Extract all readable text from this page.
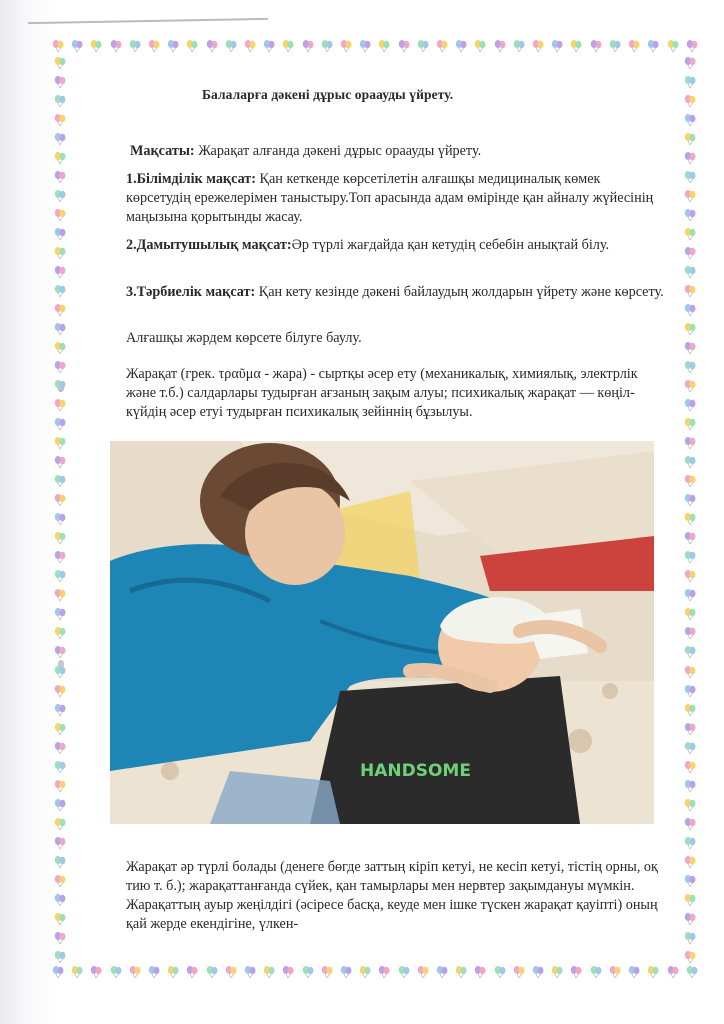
Балаларға дәкені дұрыс ораауды үйрету.

Мақсаты: Жарақат алғанда дәкені дұрыс ораауды үйрету.

1.Білімділік мақсат: Қан кеткенде көрсетілетін алғашқы медициналық көмек көрсетудің ережелерімен таныстыру.Топ арасында адам өмірінде қан айналу жүйесінің маңызына қорытынды жасау.

2.Дамытушылық мақсат:Әр түрлі жағдайда қан кетудің себебін анықтай білу.

3.Тәрбиелік мақсат: Қан кету кезінде дәкені байлаудың жолдарын үйрету және көрсету.

Алғашқы жәрдем көрсете білуге баулу.

Жарақат (грек. τραῦμα - жара) - сыртқы әсер ету (механикалық, химиялық, электрлік және т.б.) салдарлары тудырған ағзаның зақым алуы; психикалық жарақат — көңіл-күйдің әсер етуі тудырған психикалық зейіннің бұзылуы.

HANDSOME

Жарақат әр түрлі болады (денеге бөгде заттың кіріп кетуі, не кесіп кетуі, тістің орны, оқ тию т. б.); жарақаттанғанда сүйек, қан тамырлары мен нервтер зақымдануы мүмкін. Жарақаттың ауыр жеңілдігі (әсіресе басқа, кеуде мен ішке түскен жарақат қауіпті) оның қай жерде екендігіне, үлкен-
